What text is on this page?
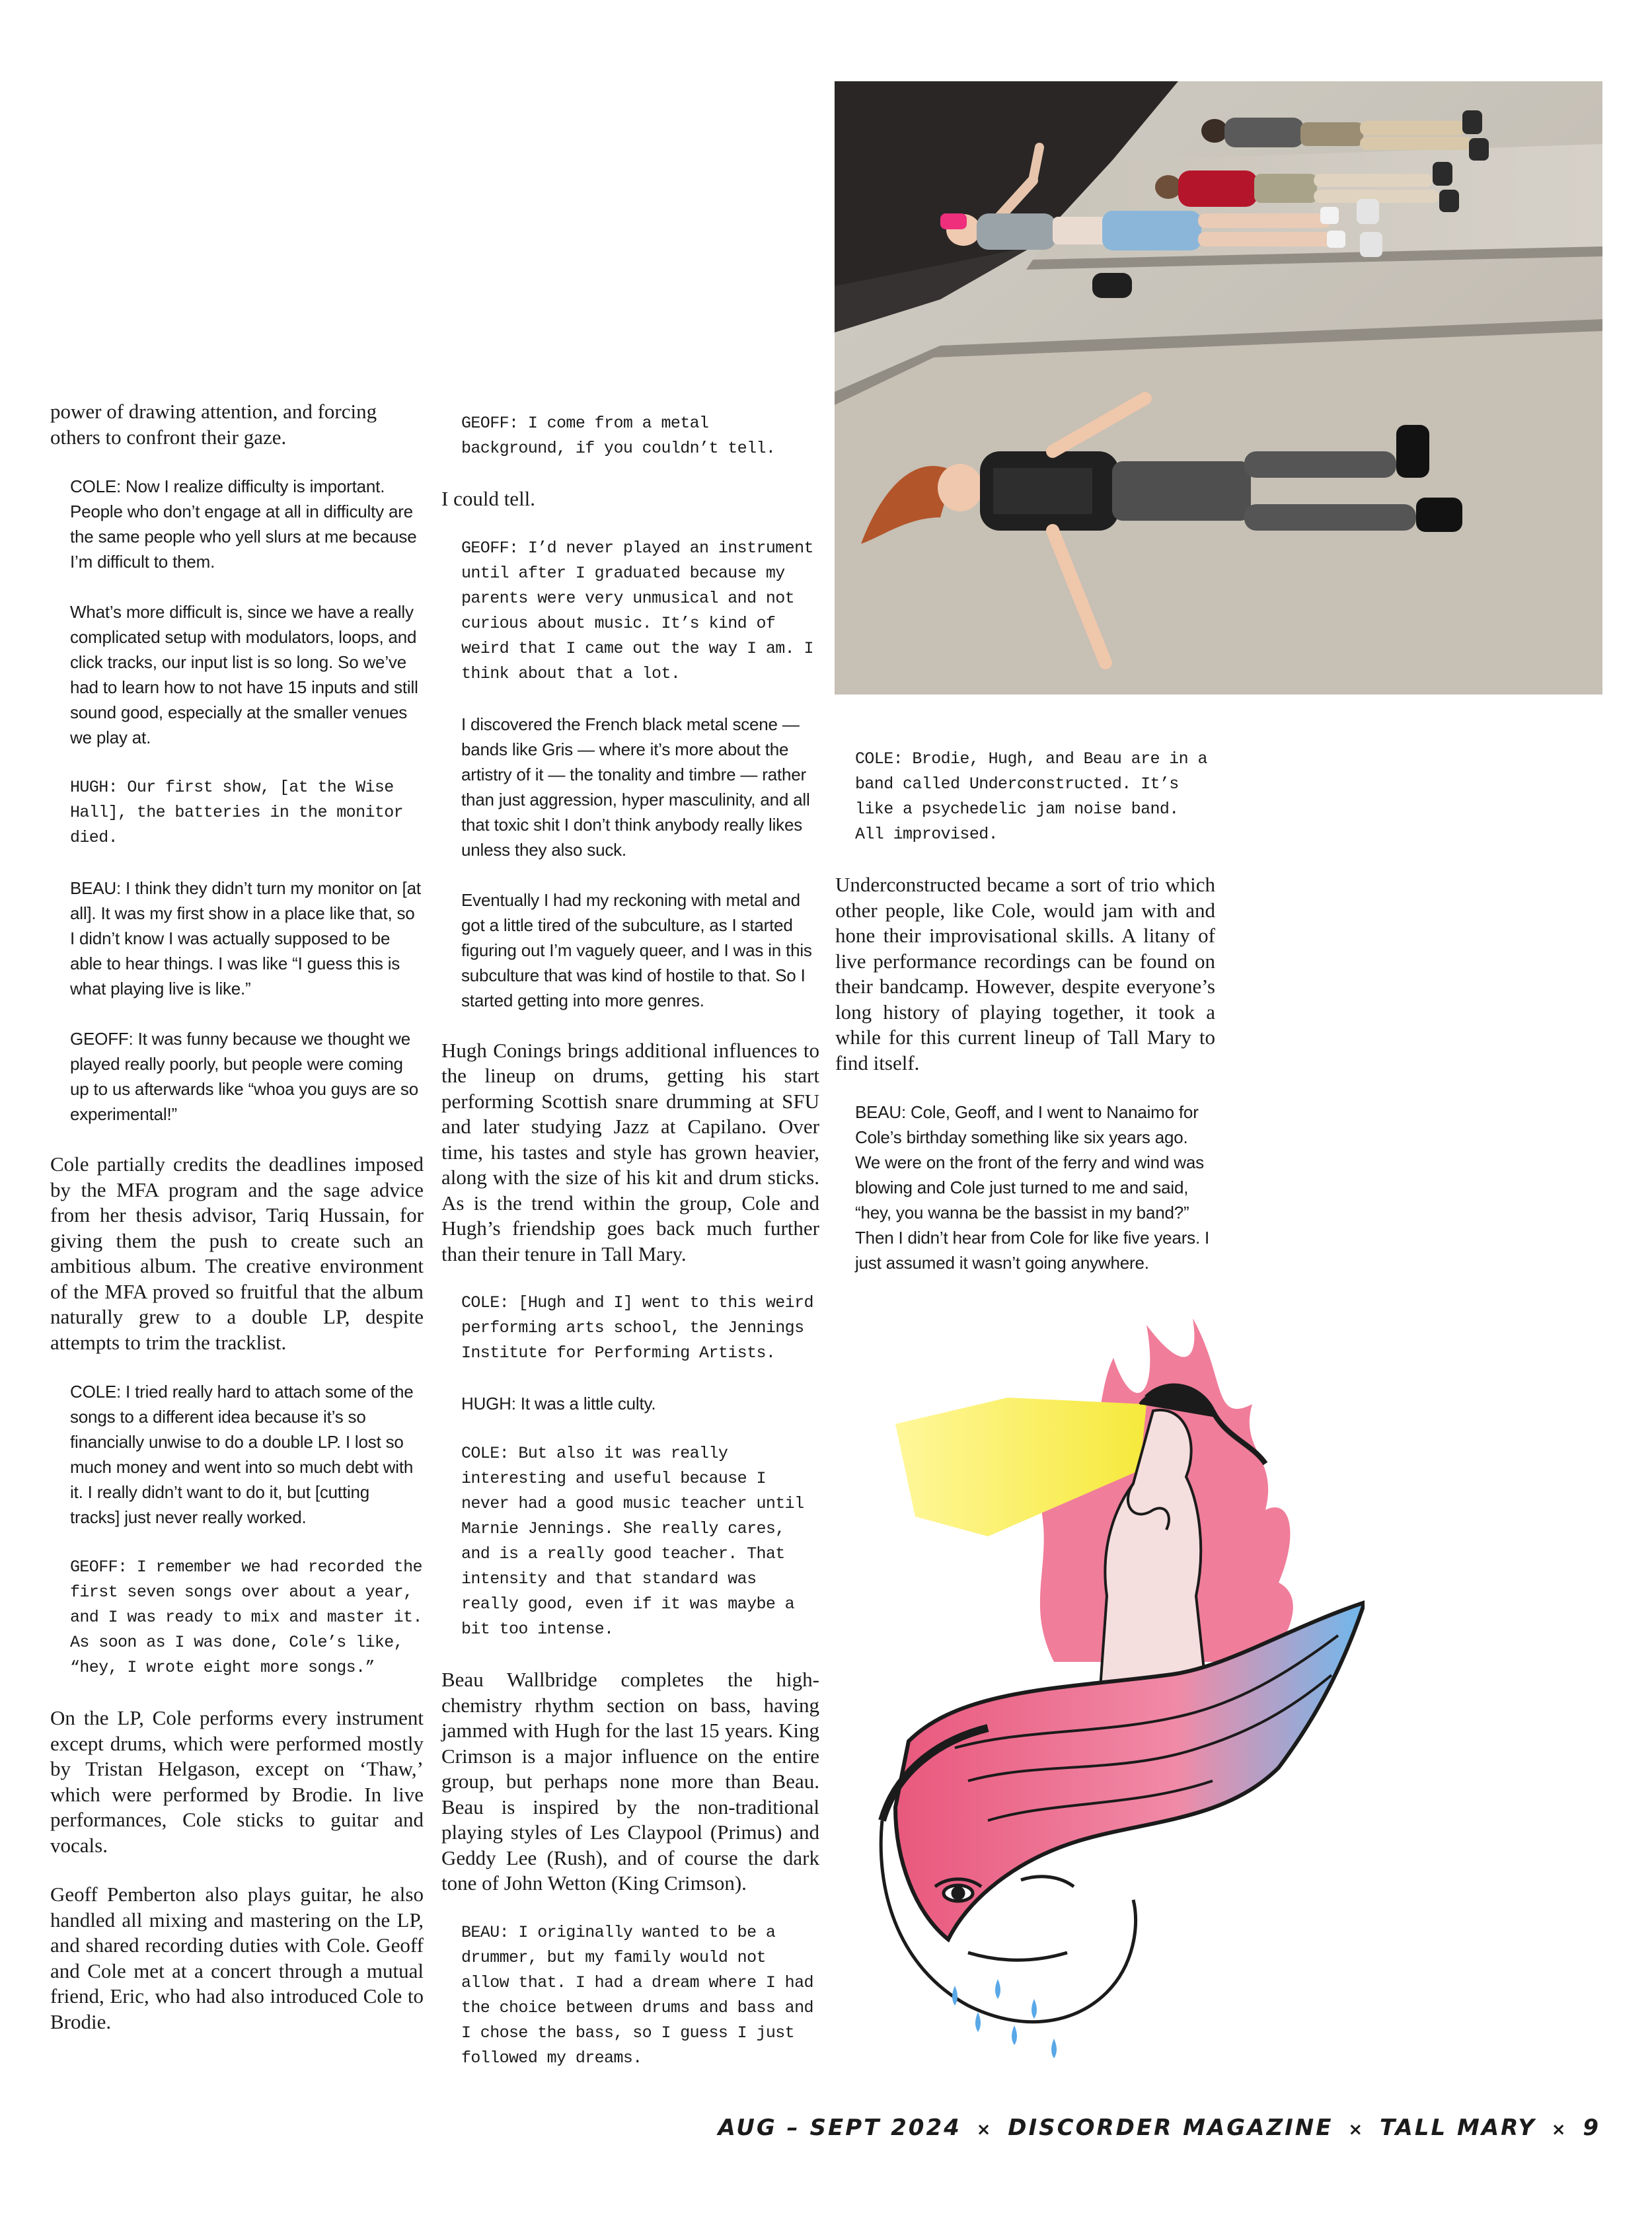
power of drawing attention, and forcing others to confront their gaze.

COLE: Now I realize difficulty is important. People who don’t engage at all in difficulty are the same people who yell slurs at me because I’m difficult to them.

What’s more difficult is, since we have a really complicated setup with modulators, loops, and click tracks, our input list is so long. So we’ve had to learn how to not have 15 inputs and still sound good, especially at the smaller venues we play at.

HUGH: Our first show, [at the Wise Hall], the batteries in the monitor died.

BEAU: I think they didn’t turn my monitor on [at all]. It was my first show in a place like that, so I didn’t know I was actually supposed to be able to hear things. I was like “I guess this is what playing live is like.”

GEOFF: It was funny because we thought we played really poorly, but people were coming up to us afterwards like “whoa you guys are so experimental!”

Cole partially credits the deadlines imposed by the MFA program and the sage advice from her thesis advisor, Tariq Hussain, for giving them the push to create such an ambitious album. The creative environment of the MFA proved so fruitful that the album naturally grew to a double LP, despite attempts to trim the tracklist.

COLE: I tried really hard to attach some of the songs to a different idea because it’s so financially unwise to do a double LP. I lost so much money and went into so much debt with it. I really didn’t want to do it, but [cutting tracks] just never really worked.

GEOFF: I remember we had recorded the first seven songs over about a year, and I was ready to mix and master it. As soon as I was done, Cole’s like, “hey, I wrote eight more songs.”

On the LP, Cole performs every instrument except drums, which were performed mostly by Tristan Helgason, except on ‘Thaw,’ which were performed by Brodie. In live performances, Cole sticks to guitar and vocals.

Geoff Pemberton also plays guitar, he also handled all mixing and mastering on the LP, and shared recording duties with Cole. Geoff and Cole met at a concert through a mutual friend, Eric, who had also introduced Cole to Brodie.

GEOFF: I come from a metal background, if you couldn’t tell.

I could tell.

GEOFF: I’d never played an instrument until after I graduated because my parents were very unmusical and not curious about music. It’s kind of weird that I came out the way I am. I think about that a lot.

I discovered the French black metal scene — bands like Gris — where it’s more about the artistry of it — the tonality and timbre — rather than just aggression, hyper masculinity, and all that toxic shit I don’t think anybody really likes unless they also suck.

Eventually I had my reckoning with metal and got a little tired of the subculture, as I started figuring out I’m vaguely queer, and I was in this subculture that was kind of hostile to that. So I started getting into more genres.

Hugh Conings brings additional influences to the lineup on drums, getting his start performing Scottish snare drumming at SFU and later studying Jazz at Capilano. Over time, his tastes and style has grown heavier, along with the size of his kit and drum sticks. As is the trend within the group, Cole and Hugh’s friendship goes back much further than their tenure in Tall Mary.

COLE: [Hugh and I] went to this weird performing arts school, the Jennings Institute for Performing Artists.

HUGH: It was a little culty.

COLE: But also it was really interesting and useful because I never had a good music teacher until Marnie Jennings. She really cares, and is a really good teacher. That intensity and that standard was really good, even if it was maybe a bit too intense.

Beau Wallbridge completes the high-chemistry rhythm section on bass, having jammed with Hugh for the last 15 years. King Crimson is a major influence on the entire group, but perhaps none more than Beau. Beau is inspired by the non-traditional playing styles of Les Claypool (Primus) and Geddy Lee (Rush), and of course the dark tone of John Wetton (King Crimson).

BEAU: I originally wanted to be a drummer, but my family would not allow that. I had a dream where I had the choice between drums and bass and I chose the bass, so I guess I just followed my dreams.

COLE: Brodie, Hugh, and Beau are in a band called Underconstructed. It’s like a psychedelic jam noise band. All improvised.

Underconstructed became a sort of trio which other people, like Cole, would jam with and hone their improvisational skills. A litany of live performance recordings can be found on their bandcamp. However, despite everyone’s long history of playing together, it took a while for this current lineup of Tall Mary to find itself.

BEAU: Cole, Geoff, and I went to Nanaimo for Cole’s birthday something like six years ago. We were on the front of the ferry and wind was blowing and Cole just turned to me and said, “hey, you wanna be the bassist in my band?” Then I didn’t hear from Cole for like five years. I just assumed it wasn’t going anywhere.

AUG – SEPT 2024 × DISCORDER MAGAZINE × TALL MARY × 9
